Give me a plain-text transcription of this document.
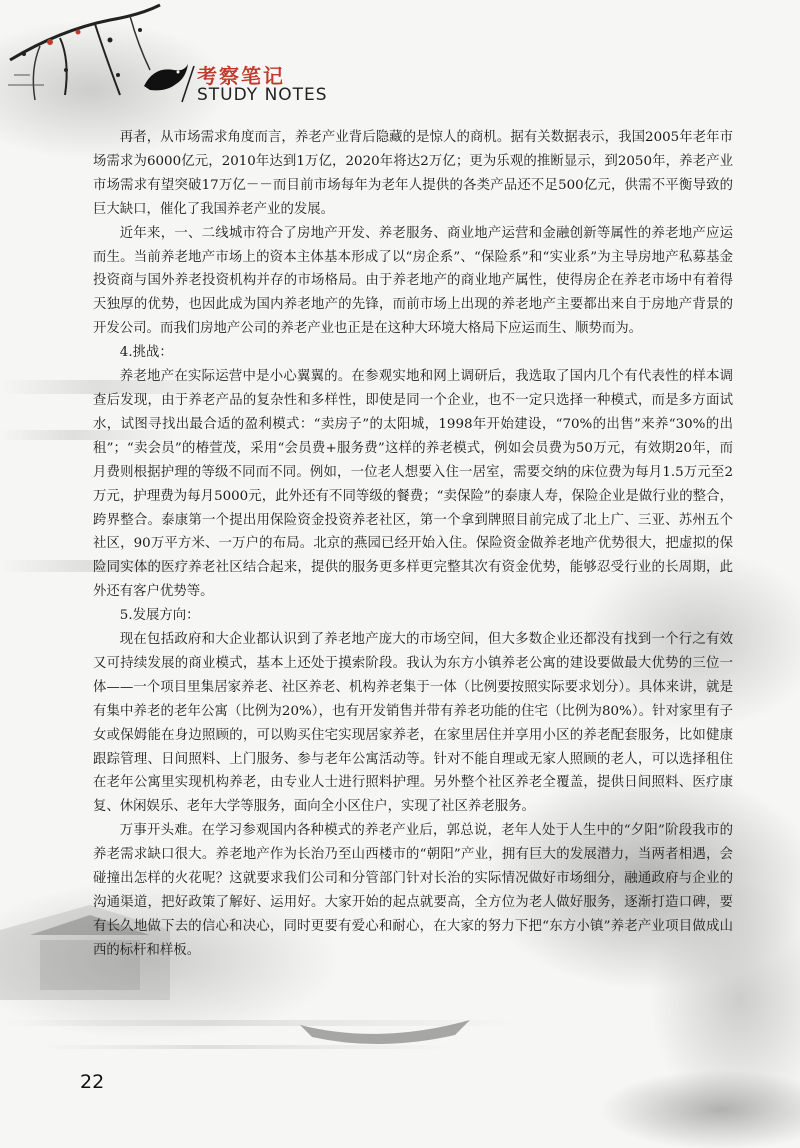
考察笔记
STUDY NOTES

再者，从市场需求角度而言，养老产业背后隐藏的是惊人的商机。据有关数据表示，我国2005年老年市场需求为6000亿元，2010年达到1万亿，2020年将达2万亿；更为乐观的推断显示，到2050年，养老产业市场需求有望突破17万亿－－而目前市场每年为老年人提供的各类产品还不足500亿元，供需不平衡导致的巨大缺口，催化了我国养老产业的发展。

近年来，一、二线城市符合了房地产开发、养老服务、商业地产运营和金融创新等属性的养老地产应运而生。当前养老地产市场上的资本主体基本形成了以“房企系”、“保险系”和“实业系”为主导房地产私募基金投资商与国外养老投资机构并存的市场格局。由于养老地产的商业地产属性，使得房企在养老市场中有着得天独厚的优势，也因此成为国内养老地产的先锋，而前市场上出现的养老地产主要都出来自于房地产背景的开发公司。而我们房地产公司的养老产业也正是在这种大环境大格局下应运而生、顺势而为。

4.挑战：

养老地产在实际运营中是小心翼翼的。在参观实地和网上调研后，我选取了国内几个有代表性的样本调查后发现，由于养老产品的复杂性和多样性，即使是同一个企业，也不一定只选择一种模式，而是多方面试水，试图寻找出最合适的盈利模式：“卖房子”的太阳城，1998年开始建设，“70%的出售”来养“30%的出租”；“卖会员”的椿萱茂，采用“会员费+服务费”这样的养老模式，例如会员费为50万元，有效期20年，而月费则根据护理的等级不同而不同。例如，一位老人想要入住一居室，需要交纳的床位费为每月1.5万元至2万元，护理费为每月5000元，此外还有不同等级的餐费；“卖保险”的泰康人寿，保险企业是做行业的整合，跨界整合。泰康第一个提出用保险资金投资养老社区，第一个拿到牌照目前完成了北上广、三亚、苏州五个社区，90万平方米、一万户的布局。北京的燕园已经开始入住。保险资金做养老地产优势很大，把虚拟的保险同实体的医疗养老社区结合起来，提供的服务更多样更完整其次有资金优势，能够忍受行业的长周期，此外还有客户优势等。

5.发展方向：

现在包括政府和大企业都认识到了养老地产庞大的市场空间，但大多数企业还都没有找到一个行之有效又可持续发展的商业模式，基本上还处于摸索阶段。我认为东方小镇养老公寓的建设要做最大优势的三位一体——一个项目里集居家养老、社区养老、机构养老集于一体（比例要按照实际要求划分）。具体来讲，就是有集中养老的老年公寓（比例为20%），也有开发销售并带有养老功能的住宅（比例为80%）。针对家里有子女或保姆能在身边照顾的，可以购买住宅实现居家养老，在家里居住并享用小区的养老配套服务，比如健康跟踪管理、日间照料、上门服务、参与老年公寓活动等。针对不能自理或无家人照顾的老人，可以选择租住在老年公寓里实现机构养老，由专业人士进行照料护理。另外整个社区养老全覆盖，提供日间照料、医疗康复、休闲娱乐、老年大学等服务，面向全小区住户，实现了社区养老服务。

万事开头难。在学习参观国内各种模式的养老产业后，郭总说，老年人处于人生中的“夕阳”阶段我市的养老需求缺口很大。养老地产作为长治乃至山西楼市的“朝阳”产业，拥有巨大的发展潜力，当两者相遇，会碰撞出怎样的火花呢？这就要求我们公司和分管部门针对长治的实际情况做好市场细分，融通政府与企业的沟通渠道，把好政策了解好、运用好。大家开始的起点就要高，全方位为老人做好服务，逐渐打造口碑，要有长久地做下去的信心和决心，同时更要有爱心和耐心，在大家的努力下把“东方小镇”养老产业项目做成山西的标杆和样板。

22
